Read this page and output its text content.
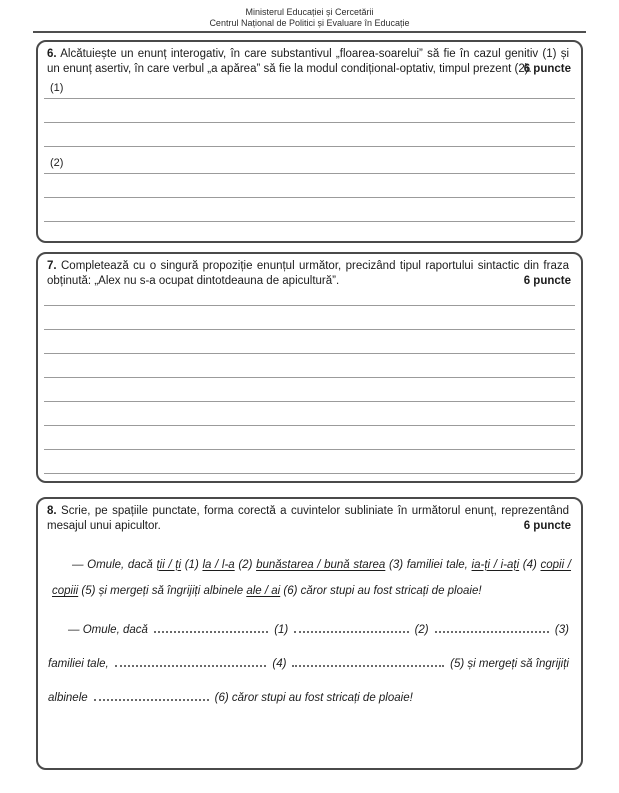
Ministerul Educației și Cercetării
Centrul Național de Politici și Evaluare în Educație

6. Alcătuiește un enunț interogativ, în care substantivul „floarea-soarelui” să fie în cazul genitiv (1) și un enunț asertiv, în care verbul „a apărea” să fie la modul condițional-optativ, timpul prezent (2).

6 puncte
(1)
(2)

7. Completează cu o singură propoziție enunțul următor, precizând tipul raportului sintactic din fraza obținută: „Alex nu s-a ocupat dintotdeauna de apicultură”.	6 puncte

8. Scrie, pe spațiile punctate, forma corectă a cuvintelor subliniate în următorul enunț, reprezentând mesajul unui apicultor.	6 puncte
— Omule, dacă ții / ți (1) la / l-a (2) bunăstarea / bună starea (3) familiei tale, ia-ți / i-ați (4) copii / copiii (5) și mergeți să îngrijiți albinele ale / ai (6) căror stupi au fost stricați de ploaie!
— Omule, dacă	(1)	(2)	(3)
familiei tale,	(4)	(5) și mergeți să îngrijiți
albinele	(6) căror stupi au fost stricați de ploaie!
